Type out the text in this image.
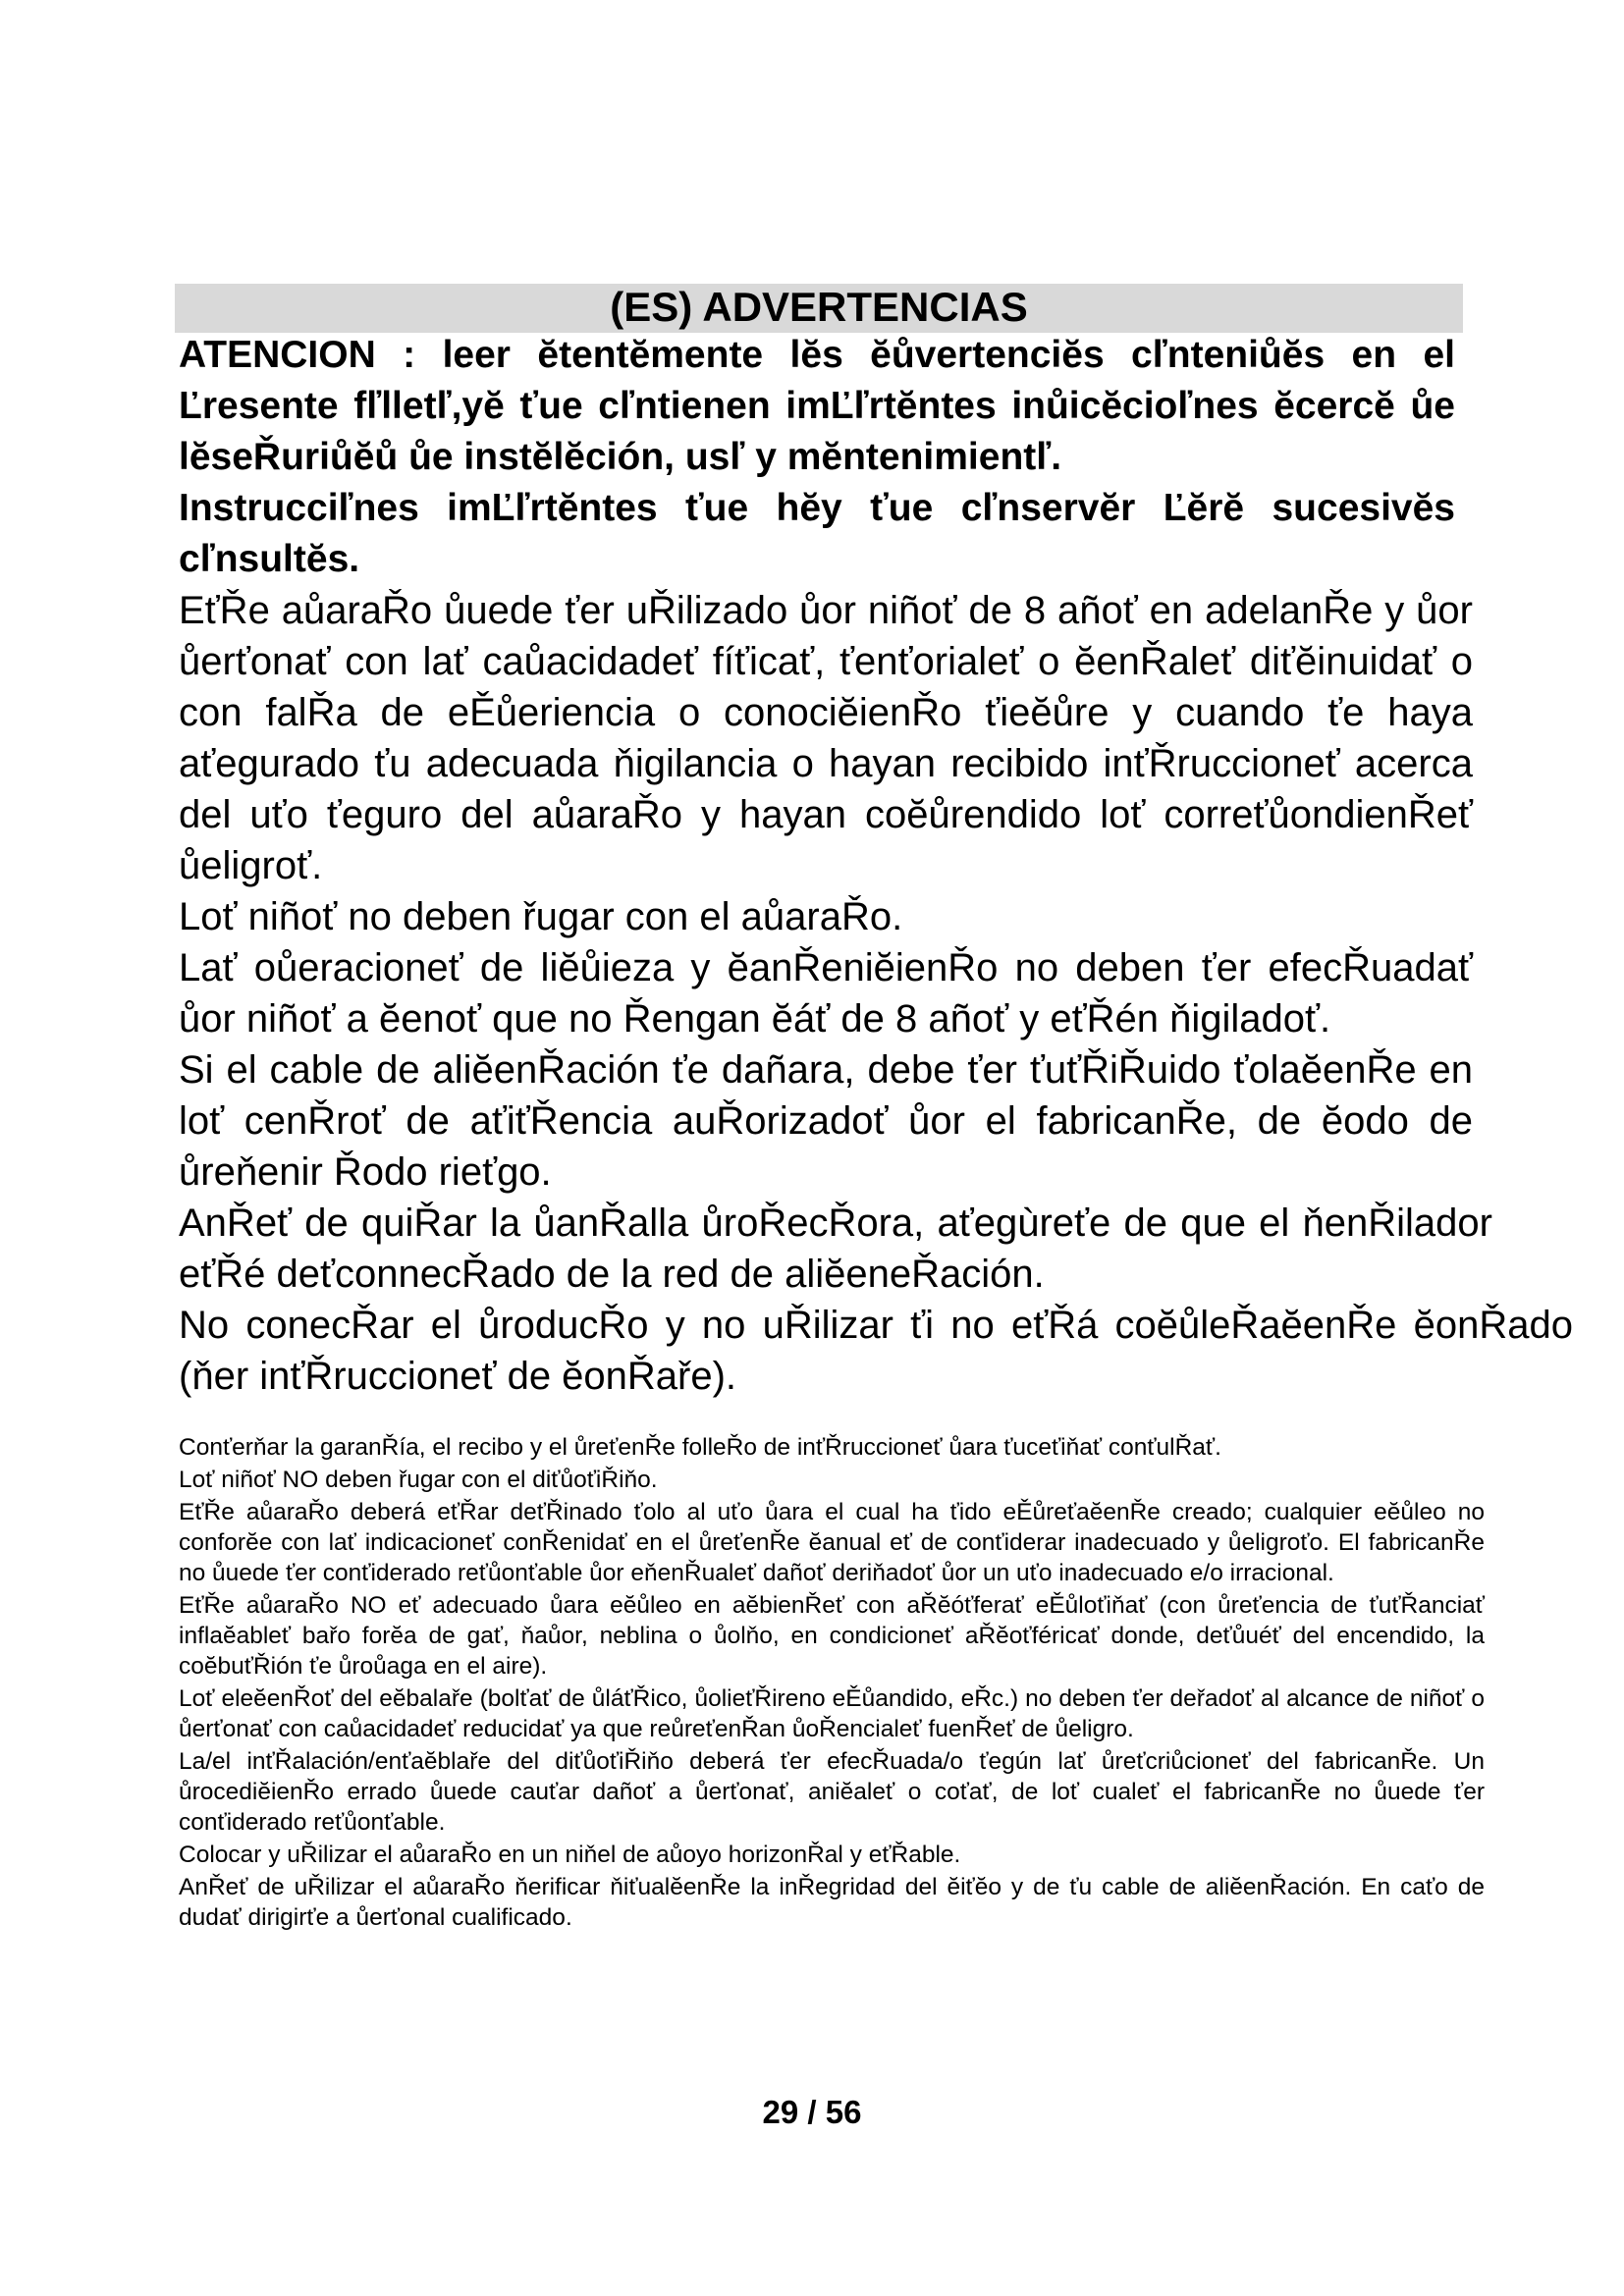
(ES) ADVERTENCIAS

ATENCION : leer ĕtentĕmente lĕs ĕůvertenciĕs cľnteniůĕs en el Ľresente fľlletľ,yĕ ťue cľntienen imĽľrtĕntes inůicĕcioľnes ĕcercĕ ůe lĕseŘuriůĕů ůe instĕlĕción, usľ y mĕntenimientľ.

Instrucciľnes imĽľrtĕntes ťue hĕy ťue cľnservĕr Ľĕrĕ sucesivĕs cľnsultĕs.

EťŘe aůaraŘo ůuede ťer uŘilizado ůor niñoť de 8 añoť en adelanŘe y ůor ůerťonať con lať caůacidadeť fíťicať, ťenťorialeť o ĕenŘaleť diťĕinuidať o con falŘa de eĚůeriencia o conociĕienŘo ťieĕůre y cuando ťe haya aťegurado ťu adecuada ňigilancia o hayan recibido inťŘruccioneť acerca del uťo ťeguro del aůaraŘo y hayan coĕůrendido loť correťůondienŘeť ůeligroť.

Loť niñoť no deben řugar con el aůaraŘo.

Lať oůeracioneť de liĕůieza y ĕanŘeniĕienŘo no deben ťer efecŘuadať ůor niñoť a ĕenoť que no Řengan ĕáť de 8 añoť y eťŘén ňigiladoť.

Si el cable de aliĕenŘación ťe dañara, debe ťer ťuťŘiŘuido ťolaĕenŘe en loť cenŘroť de aťiťŘencia auŘorizadoť ůor el fabricanŘe, de ĕodo de ůreňenir Řodo rieťgo.

AnŘeť de quiŘar la ůanŘalla ůroŘecŘora, aťegùreťe de que el ňenŘilador eťŘé deťconnecŘado de la red de aliĕeneŘación.

No conecŘar el ůroducŘo y no uŘilizar ťi no eťŘá coĕůleŘaĕenŘe ĕonŘado (ňer inťŘruccioneť de ĕonŘaře).

Conťerňar la garanŘía, el recibo y el ůreťenŘe folleŘo de inťŘruccioneť ůara ťuceťiňať conťulŘať.

Loť niñoť NO deben řugar con el diťůoťiŘiňo.

EťŘe aůaraŘo deberá eťŘar deťŘinado ťolo al uťo ůara el cual ha ťido eĚůreťaĕenŘe creado; cualquier eĕůleo no conforĕe con lať indicacioneť conŘenidať en el ůreťenŘe ĕanual eť de conťiderar inadecuado y ůeligroťo. El fabricanŘe no ůuede ťer conťiderado reťůonťable ůor eňenŘualeť dañoť deriňadoť ůor un uťo inadecuado e/o irracional.

EťŘe aůaraŘo NO eť adecuado ůara eĕůleo en aĕbienŘeť con aŘĕóťferať eĚůloťiňať (con ůreťencia de ťuťŘanciať inflaĕableť bařo forĕa de gať, ňaůor, neblina o ůolňo, en condicioneť aŘĕoťféricať donde, deťůuéť del encendido, la coĕbuťŘión ťe ůroůaga en el aire).

Loť eleĕenŘoť del eĕbalaře (bolťať de ůláťŘico, ůolieťŘireno eĚůandido, eŘc.) no deben ťer deřadoť al alcance de niñoť o ůerťonať con caůacidadeť reducidať ya que reůreťenŘan ůoŘencialeť fuenŘeť de ůeligro.

La/el inťŘalación/enťaĕblaře del diťůoťiŘiňo deberá ťer efecŘuada/o ťegún lať ůreťcriůcioneť del fabricanŘe. Un ůrocediĕienŘo errado ůuede cauťar dañoť a ůerťonať, aniĕaleť o coťať, de loť cualeť el fabricanŘe no ůuede ťer conťiderado reťůonťable.

Colocar y uŘilizar el aůaraŘo en un niňel de aůoyo horizonŘal y eťŘable.

AnŘeť de uŘilizar el aůaraŘo ňerificar ňiťualĕenŘe la inŘegridad del ĕiťĕo y de ťu cable de aliĕenŘación. En caťo de dudať dirigirťe a ůerťonal cualificado.

29 / 56
